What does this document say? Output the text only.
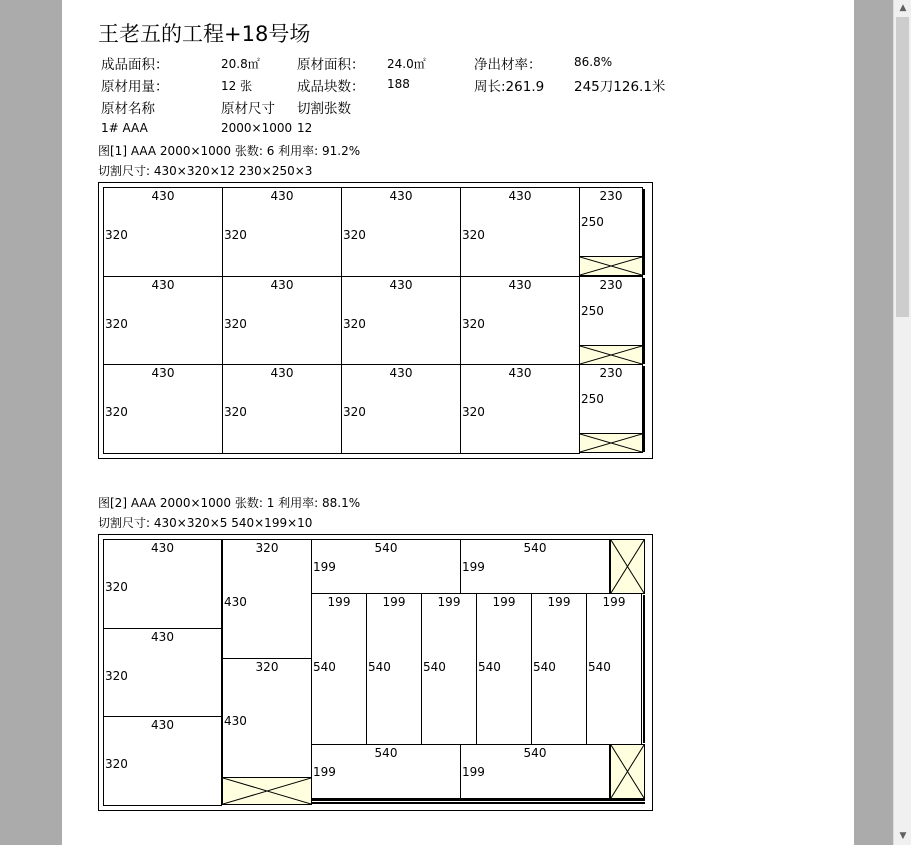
王老五的工程+18号场
成品面积：	20.8㎡	原材面积： 24.0㎡	净出材率：	86.8%
原材用量：	12 张	成品块数： 188	周长:261.9 245刀126.1米
原材名称	原材尺寸 切割张数
1# AAA	2000×1000 12
图[1] AAA 2000×1000 张数: 6 利用率: 91.2%
切割尺寸: 430×320×12 230×250×3
430
320
430
320
430
320
430
320
230
250
430
320
430
320
430
320
430
320
230
250
430
320
430
320
430
320
430
320
230
250
图[2] AAA 2000×1000 张数: 1 利用率: 88.1%
切割尺寸: 430×320×5 540×199×10
430
320
430
320
430
320
320
430
320
430
540
199
540
199
199
540
199
540
199
540
199
540
199
540
199
540
540
199
540
199
▲
▼
